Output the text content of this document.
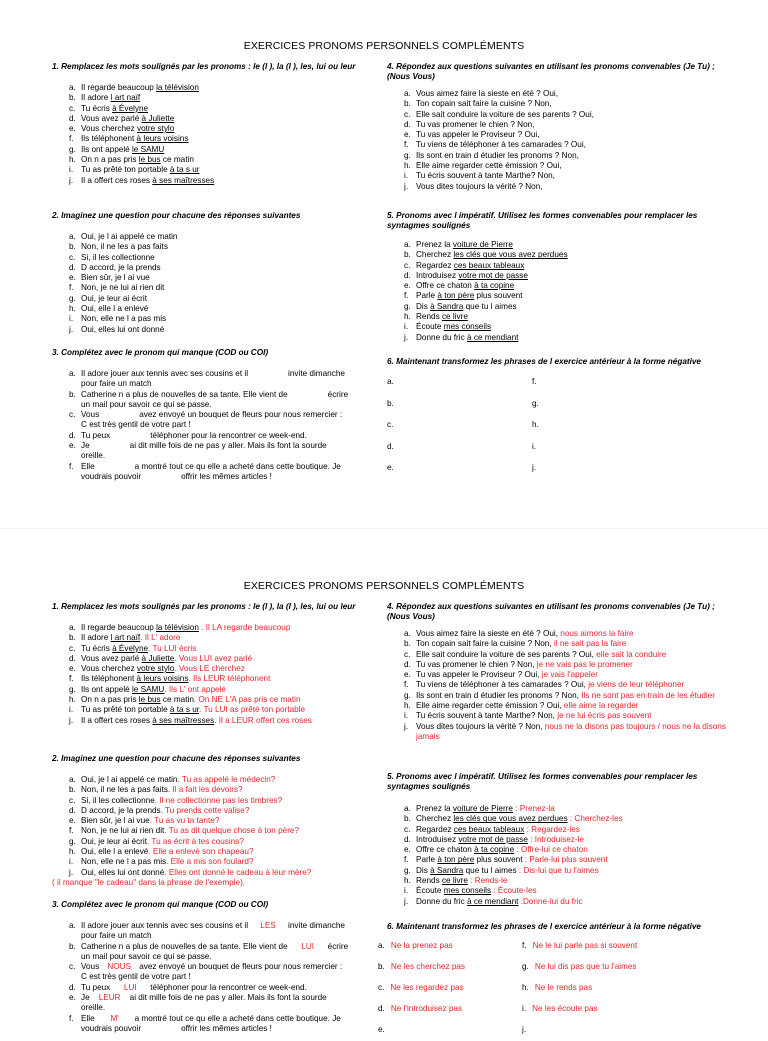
EXERCICES PRONOMS PERSONNELS COMPLÉMENTS

1. Remplacez les mots soulignés par les pronoms : le (l ), la (l ), les, lui ou leur

a. Il regarde beaucoup la télévision
b. Il adore l art naïf
c. Tu écris à Évelyne
d. Vous avez parlé à Juliette
e. Vous cherchez votre stylo
f. Ils téléphonent à leurs voisins
g. Ils ont appelé le SAMU
h. On n a pas pris le bus ce matin
i. Tu as prêté ton portable à ta s ur
j. Il a offert ces roses à ses maîtresses

2. Imaginez une question pour chacune des réponses suivantes

a. Oui, je l ai appelé ce matin
b. Non, il ne les a pas faits
c. Si, il les collectionne
d. D accord, je la prends
e. Bien sûr, je l ai vue
f. Non, je ne lui ai rien dit
g. Oui, je leur ai écrit
h. Oui, elle l a enlevé
i. Non, elle ne l a pas mis
j. Oui, elles lui ont donné

3. Complétez avec le pronom qui manque (COD ou COI)

a. Il adore jouer aux tennis avec ses cousins et il	invite dimanche
pour faire un match
b. Catherine n a plus de nouvelles de sa tante. Elle vient de	écrire
un mail pour savoir ce qui se passe.
c. Vous	avez envoyé un bouquet de fleurs pour nous remercier :
C est très gentil de votre part !
d. Tu peux	téléphoner pour la rencontrer ce week-end.
e. Je	ai dit mille fois de ne pas y aller. Mais ils font la sourde
oreille.
f. Elle	a montré tout ce qu elle a acheté dans cette boutique. Je
voudrais pouvoir	offrir les mêmes articles !

4. Répondez aux questions suivantes en utilisant les pronoms convenables (Je Tu) ; (Nous Vous)

a. Vous aimez faire la sieste en été ? Oui,
b. Ton copain sait faire la cuisine ? Non,
c. Elle sait conduire la voiture de ses parents ? Oui,
d. Tu vas promener le chien ? Non,
e. Tu vas appeler le Proviseur ? Oui,
f. Tu viens de téléphoner à tes camarades ? Oui,
g. Ils sont en train d étudier les pronoms ? Non,
h. Elle aime regarder cette émission ? Oui,
i. Tu écris souvent à tante Marthe? Non,
j. Vous dites toujours la vérité ? Non,

5. Pronoms avec l impératif. Utilisez les formes convenables pour remplacer les syntagmes soulignés

a. Prenez la voiture de Pierre
b. Cherchez les clés que vous avez perdues
c. Regardez ces beaux tableaux
d. Introduisez votre mot de passe
e. Offre ce chaton à ta copine
f. Parle à ton père plus souvent
g. Dis à Sandra que tu l aimes
h. Rends ce livre
i. Écoute mes conseils
j. Donne du fric à ce mendiant

6. Maintenant transformez les phrases de l exercice antérieur à la forme négative

a.
b.
c.
d.
e.
f.
g.
h.
i.
j.
EXERCICES PRONOMS PERSONNELS COMPLÉMENTS

1. Remplacez les mots soulignés par les pronoms : le (l ), la (l ), les, lui ou leur

a. Il regarde beaucoup la télévision . Il LA regarde beaucoup
b. Il adore l art naïf. Il L' adore
c. Tu écris à Évelyne. Tu LUI écris
d. Vous avez parlé à Juliette. Vous LUI avez parlé
e. Vous cherchez votre stylo. Vous LE cherchez
f. Ils téléphonent à leurs voisins. Ils LEUR téléphonent
g. Ils ont appelé le SAMU. Ils L' ont appelé
h. On n a pas pris le bus ce matin. On NE L'A pas pris ce matin
i. Tu as prêté ton portable à ta s ur. Tu LUI as prêté ton portable
j. Il a offert ces roses à ses maîtresses. Il a LEUR offert ces roses

2. Imaginez une question pour chacune des réponses suivantes

a. Oui, je l ai appelé ce matin. Tu as appelé le médecin?
b. Non, il ne les a pas faits. Il a fait les devoirs?
c. Si, il les collectionne. Il ne collectionne pas les timbres?
d. D accord, je la prends. Tu prends cette valise?
e. Bien sûr, je l ai vue. Tu as vu ta tante?
f. Non, je ne lui ai rien dit. Tu as dit quelque chose à ton père?
g. Oui, je leur ai écrit. Tu as écrit à tes cousins?
h. Oui, elle l a enlevé. Elle a enlevé son chapeau?
i. Non, elle ne l a pas mis. Elle a mis son foulard?
j. Oui, elles lui ont donné. Elles ont donné le cadeau à leur mère?
( il manque "le cadeau" dans la phrase de l'exemple).

3. Complétez avec le pronom qui manque (COD ou COI)

a. Il adore jouer aux tennis avec ses cousins et il LES invite dimanche
pour faire un match
b. Catherine n a plus de nouvelles de sa tante. Elle vient de LUI écrire
un mail pour savoir ce qui se passe.
c. Vous NOUS avez envoyé un bouquet de fleurs pour nous remercier :
C est très gentil de votre part !
d. Tu peux LUI téléphoner pour la rencontrer ce week-end.
e. Je LEUR ai dit mille fois de ne pas y aller. Mais ils font la sourde
oreille.
f. Elle M' a montré tout ce qu elle a acheté dans cette boutique. Je
voudrais pouvoir	offrir les mêmes articles !

4. Répondez aux questions suivantes en utilisant les pronoms convenables (Je Tu) ; (Nous Vous)

a. Vous aimez faire la sieste en été ? Oui, nous aimons la faire
b. Ton copain sait faire la cuisine ? Non, il ne sait pas la faire
c. Elle sait conduire la voiture de ses parents ? Oui, elle sait la conduire
d. Tu vas promener le chien ? Non, je ne vais pas le promener
e. Tu vas appeler le Proviseur ? Oui, je vais l'appeler
f. Tu viens de téléphoner à tes camarades ? Oui, je viens de leur téléphoner
g. Ils sont en train d étudier les pronoms ? Non, Ils ne sont pas en train de les étudier
h. Elle aime regarder cette émission ? Oui, elle aime la regarder
i. Tu écris souvent à tante Marthe? Non, je ne lui écris pas souvent
j. Vous dites toujours la vérité ? Non, nous ne la disons pas toujours / nous ne la disons jamais

5. Pronoms avec l impératif. Utilisez les formes convenables pour remplacer les syntagmes soulignés

a. Prenez la voiture de Pierre : Prenez-la
b. Cherchez les clés que vous avez perdues : Cherchez-les
c. Regardez ces beaux tableaux : Regardez-les
d. Introduisez votre mot de passe : Introduisez-le
e. Offre ce chaton à ta copine : Offre-lui ce chaton
f. Parle à ton père plus souvent : Parle-lui plus souvent
g. Dis à Sandra que tu l aimes : Dis-lui que tu l'aimes
h. Rends ce livre : Rends-le
i. Écoute mes conseils : Écoute-les
j. Donne du fric à ce mendiant :Donne-lui du fric

6. Maintenant transformez les phrases de l exercice antérieur à la forme négative

a. Ne la prenez pas
b. Ne les cherchez pas
c. Ne les regardez pas
d. Ne l'introduisez pas
e.
f. Ne le lui parle pas si souvent
g. Ne lui dis pas que tu l'aimes
h. Ne le rends pas
i. Ne les écoute pas
j.
